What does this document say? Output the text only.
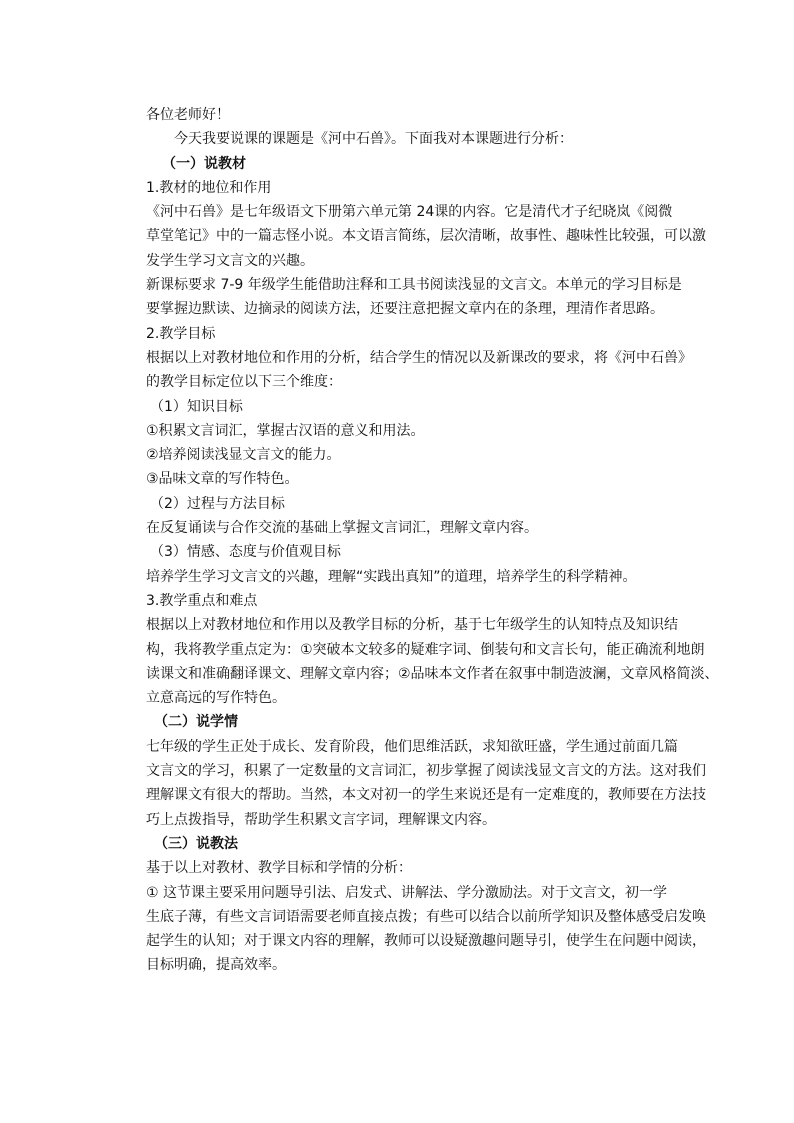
各位老师好！
今天我要说课的课题是《河中石兽》。下面我对本课题进行分析：
（一）说教材
1.教材的地位和作用
《河中石兽》是七年级语文下册第六单元第 24课的内容。它是清代才子纪晓岚《阅微
草堂笔记》中的一篇志怪小说。本文语言简练，层次清晰，故事性、趣味性比较强，可以激
发学生学习文言文的兴趣。
新课标要求 7-9 年级学生能借助注释和工具书阅读浅显的文言文。本单元的学习目标是
要掌握边默读、边摘录的阅读方法，还要注意把握文章内在的条理，理清作者思路。
2.教学目标
根据以上对教材地位和作用的分析，结合学生的情况以及新课改的要求，将《河中石兽》
的教学目标定位以下三个维度：
（1）知识目标
①积累文言词汇，掌握古汉语的意义和用法。
②培养阅读浅显文言文的能力。
③品味文章的写作特色。
（2）过程与方法目标
在反复诵读与合作交流的基础上掌握文言词汇，理解文章内容。
（3）情感、态度与价值观目标
培养学生学习文言文的兴趣，理解“实践出真知”的道理，培养学生的科学精神。
3.教学重点和难点
根据以上对教材地位和作用以及教学目标的分析，基于七年级学生的认知特点及知识结
构，我将教学重点定为：①突破本文较多的疑难字词、倒装句和文言长句，能正确流利地朗
读课文和准确翻译课文、理解文章内容；②品味本文作者在叙事中制造波澜，文章风格简淡、
立意高远的写作特色。
（二）说学情
七年级的学生正处于成长、发育阶段，他们思维活跃，求知欲旺盛，学生通过前面几篇
文言文的学习，积累了一定数量的文言词汇，初步掌握了阅读浅显文言文的方法。这对我们
理解课文有很大的帮助。当然，本文对初一的学生来说还是有一定难度的，教师要在方法技
巧上点拨指导，帮助学生积累文言字词，理解课文内容。
（三）说教法
基于以上对教材、教学目标和学情的分析：
① 这节课主要采用问题导引法、启发式、讲解法、学分激励法。对于文言文，初一学
生底子薄，有些文言词语需要老师直接点拨；有些可以结合以前所学知识及整体感受启发唤
起学生的认知；对于课文内容的理解，教师可以设疑激趣问题导引，使学生在问题中阅读，
目标明确，提高效率。
